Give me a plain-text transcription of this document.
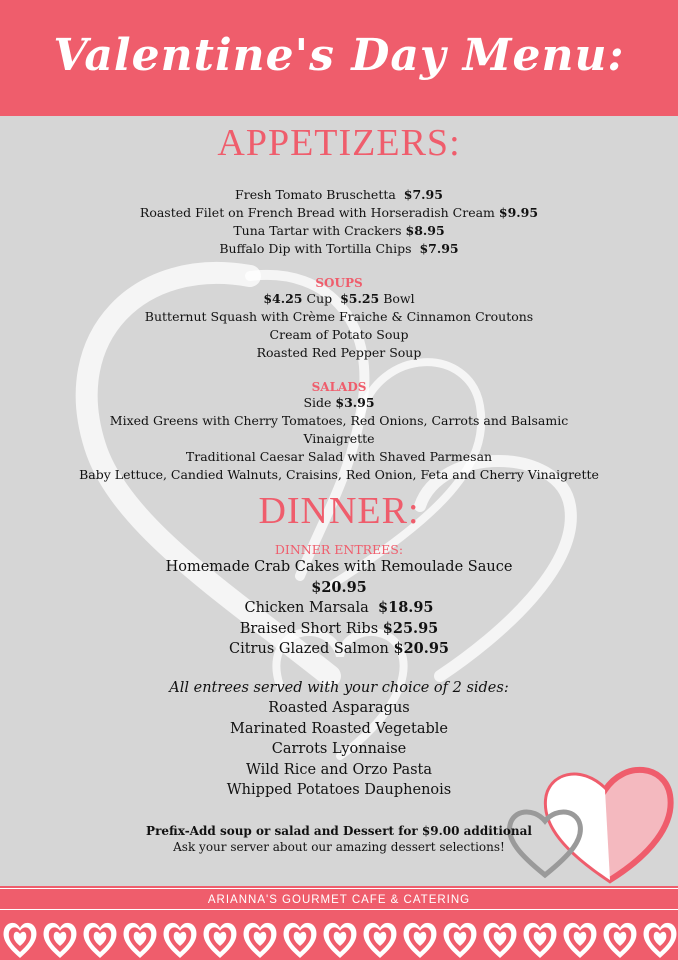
Valentine's Day Menu:
APPETIZERS:
Fresh Tomato Bruschetta $7.95
Roasted Filet on French Bread with Horseradish Cream $9.95
Tuna Tartar with Crackers $8.95
Buffalo Dip with Tortilla Chips $7.95
SOUPS
$4.25 Cup $5.25 Bowl
Butternut Squash with Crème Fraiche & Cinnamon Croutons
Cream of Potato Soup
Roasted Red Pepper Soup
SALADS
Side $3.95
Mixed Greens with Cherry Tomatoes, Red Onions, Carrots and Balsamic
Vinaigrette
Traditional Caesar Salad with Shaved Parmesan
Baby Lettuce, Candied Walnuts, Craisins, Red Onion, Feta and Cherry Vinaigrette
DINNER:
DINNER ENTREES:
Homemade Crab Cakes with Remoulade Sauce
$20.95
Chicken Marsala $18.95
Braised Short Ribs $25.95
Citrus Glazed Salmon $20.95
All entrees served with your choice of 2 sides:
Roasted Asparagus
Marinated Roasted Vegetable
Carrots Lyonnaise
Wild Rice and Orzo Pasta
Whipped Potatoes Dauphenois
Prefix-Add soup or salad and Dessert for $9.00 additional
Ask your server about our amazing dessert selections!
ARIANNA'S GOURMET CAFE & CATERING
